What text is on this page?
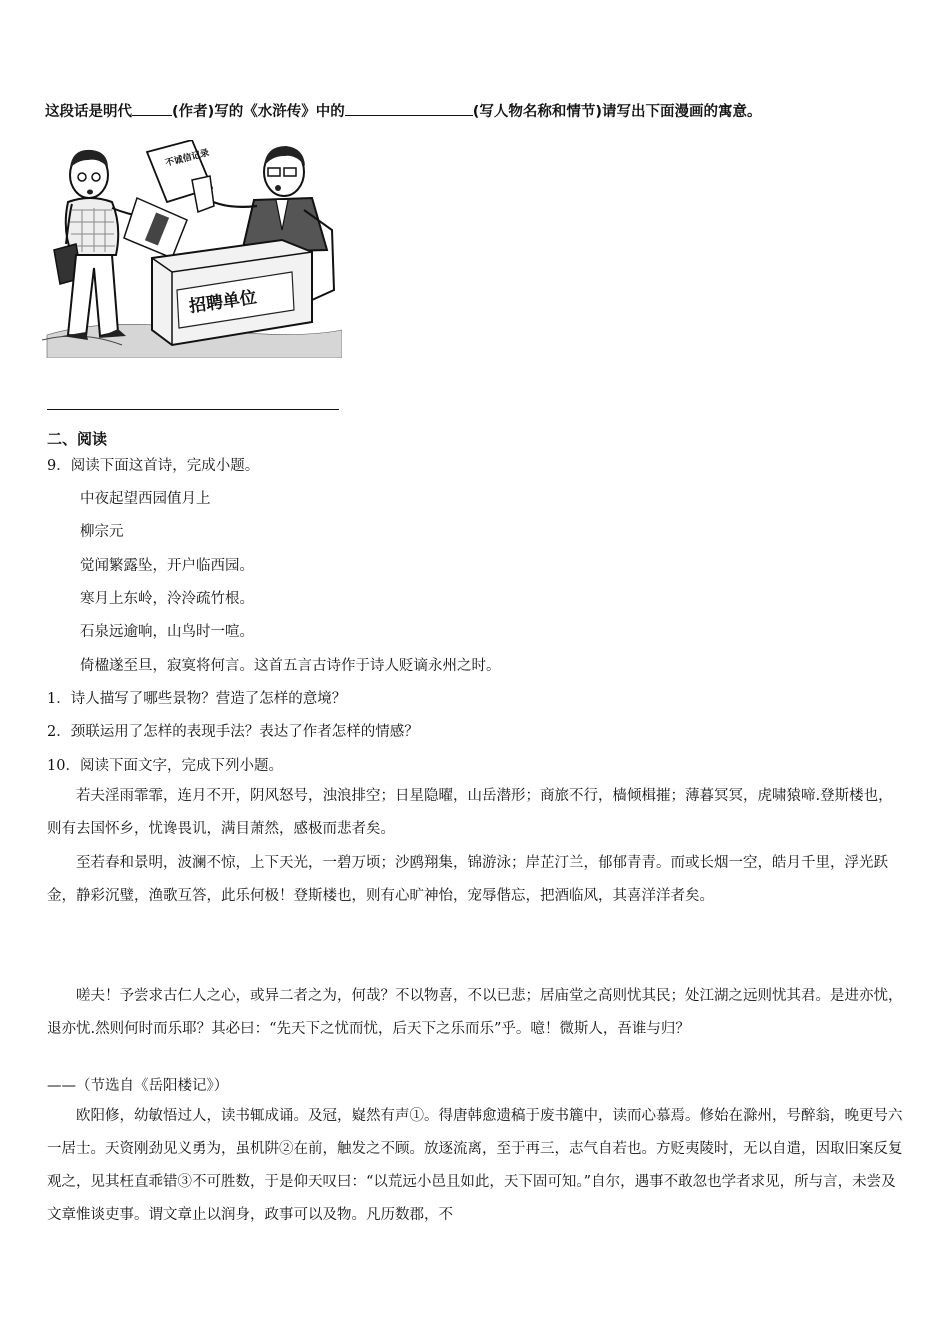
这段话是明代	(作者)写的《水浒传》中的	(写人物名称和情节)请写出下面漫画的寓意。
不诚信记录
招聘单位
二、阅读
9．阅读下面这首诗，完成小题。
中夜起望西园值月上
柳宗元
觉闻繁露坠，开户临西园。
寒月上东岭，泠泠疏竹根。
石泉远逾响，山鸟时一喧。
倚楹遂至旦，寂寞将何言。这首五言古诗作于诗人贬谪永州之时。
1．诗人描写了哪些景物？营造了怎样的意境？
2．颈联运用了怎样的表现手法？表达了作者怎样的情感？
10．阅读下面文字，完成下列小题。
若夫淫雨霏霏，连月不开，阴风怒号，浊浪排空；日星隐曜，山岳潜形；商旅不行，樯倾楫摧；薄暮冥冥，虎啸猿啼.登斯楼也，则有去国怀乡，忧谗畏讥，满目萧然，感极而悲者矣。
至若春和景明，波澜不惊，上下天光，一碧万顷；沙鸥翔集，锦游泳；岸芷汀兰，郁郁青青。而或长烟一空，皓月千里，浮光跃金，静彩沉璧，渔歌互答，此乐何极！登斯楼也，则有心旷神怡，宠辱偕忘，把酒临风，其喜洋洋者矣。
嗟夫！予尝求古仁人之心，或异二者之为，何哉？不以物喜，不以已悲；居庙堂之高则忧其民；处江湖之远则忧其君。是进亦忧，退亦忧.然则何时而乐耶？其必曰：“先天下之忧而忧，后天下之乐而乐”乎。噫！微斯人，吾谁与归？
——（节选自《岳阳楼记》）
欧阳修，幼敏悟过人，读书辄成诵。及冠，嶷然有声①。得唐韩愈遗稿于废书簏中，读而心慕焉。修始在滁州，号醉翁，晚更号六一居士。天资刚劲见义勇为，虽机阱②在前，触发之不顾。放逐流离，至于再三，志气自若也。方贬夷陵时，无以自遣，因取旧案反复观之，见其枉直乖错③不可胜数，于是仰天叹曰：“以荒远小邑且如此，天下固可知。”自尔，遇事不敢忽也学者求见，所与言，未尝及文章惟谈吏事。谓文章止以润身，政事可以及物。凡历数郡，不
